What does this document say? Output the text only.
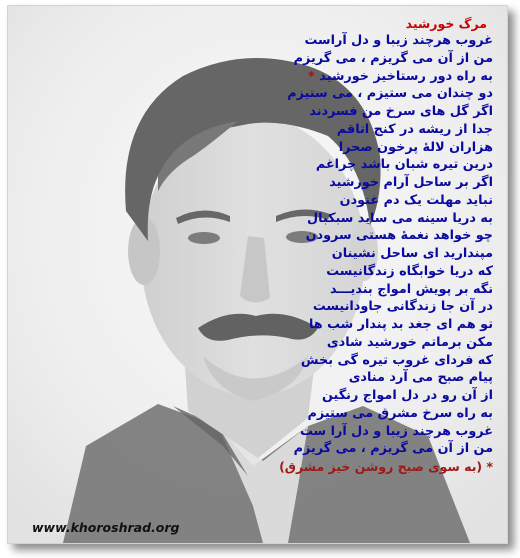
مرگ خورشید
غروب هرچند زیبا و دل آراست
من از آن می گریزم ، می گریزم
به راه دور رستاخیز خورشید *
دو چندان می ستیزم ، می ستیزم
اگر گل های سرخ من فسردند
جدا از ریشه در کنج اتاقم
هزاران لالهٔ پرخون صحرا
درین تیره شبان باشد چراغم
اگر بر ساحل آرام خورشید
نباید مهلت یک دم غنودن
به دریا سینه می ساید سبکبال
چو خواهد نغمهٔ هستی سرودن
مپندارید ای ساحل نشینان
که دریا خوابگاه زندگانیست
نگه بر پویش امواج بندیـــد
در آن جا زندگانی جاودانیست
تو هم ای جغد بد پندار شب ها
مکن برماتم خورشید شادی
که فردای غروب تیره گی بخش
پیام صبح می آرد منادی
از آن رو در دل امواج رنگین
به راه سرخ مشرق می ستیزم
غروب هرچند زیبا و دل آرا ست
من از آن می گریزم ، می گریزم
* (به سوی صبح روشن خیز مشرق)
www.khoroshrad.org
